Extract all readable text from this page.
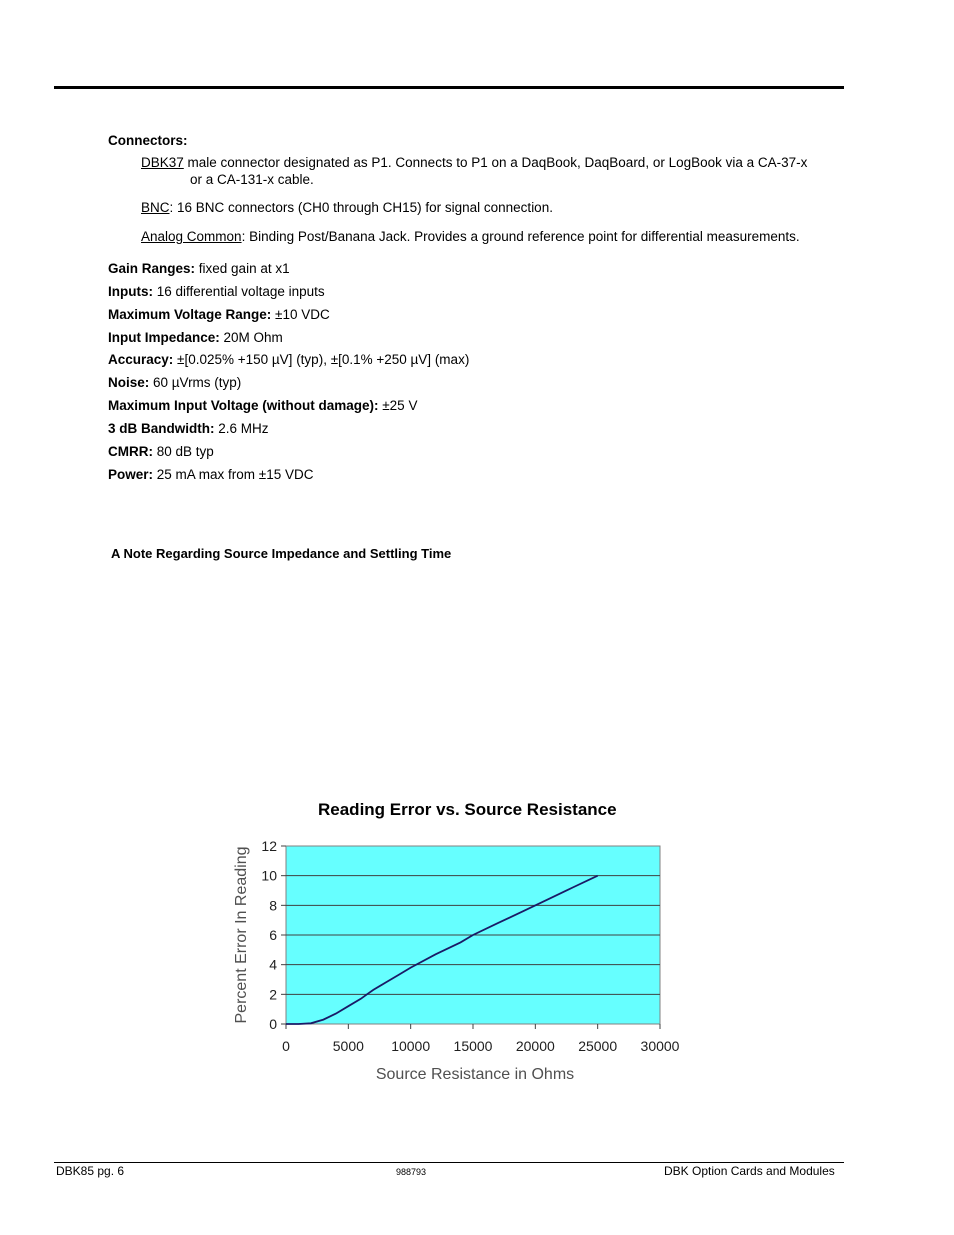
Connectors:
DBK37 male connector designated as P1. Connects to P1 on a DaqBook, DaqBoard, or LogBook via a CA-37-x
or a CA-131-x cable.
BNC: 16 BNC connectors (CH0 through CH15) for signal connection.
Analog Common: Binding Post/Banana Jack. Provides a ground reference point for differential measurements.
Gain Ranges: fixed gain at x1
Inputs: 16 differential voltage inputs
Maximum Voltage Range: ±10 VDC
Input Impedance: 20M Ohm
Accuracy: ±[0.025% +150 µV] (typ), ±[0.1% +250 µV] (max)
Noise: 60 µVrms (typ)
Maximum Input Voltage (without damage): ±25 V
3 dB Bandwidth: 2.6 MHz
CMRR: 80 dB typ
Power: 25 mA max from ±15 VDC
A Note Regarding Source Impedance and Settling Time
Reading Error vs. Source Resistance
0
2
4
6
8
10
12
0	5000 10000 15000 20000 25000 30000
Source Resistance in Ohms
Percent Error In Reading
DBK85 pg. 6	988793	DBK Option Cards and Modules
